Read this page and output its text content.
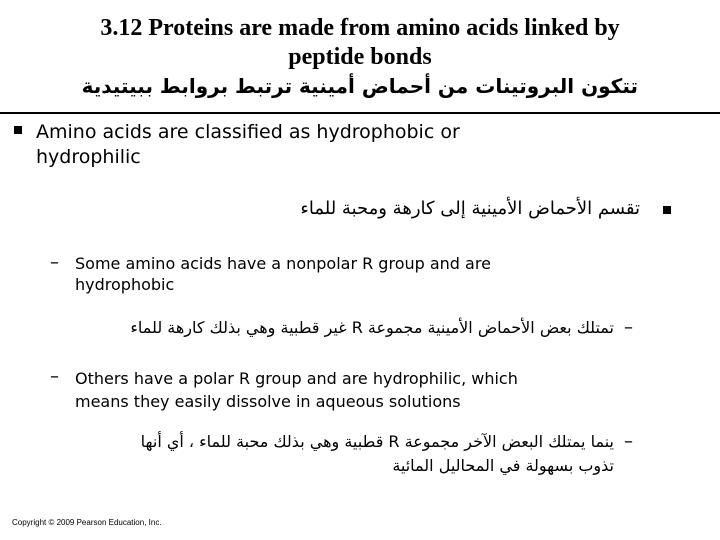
3.12 Proteins are made from amino acids linked by
peptide bonds
تتكون البروتينات من أحماض أمينية ترتبط بروابط ببيتيدية
Amino acids are classified as hydrophobic or
hydrophilic
تقسم الأحماض الأمينية إلى كارهة ومحبة للماء
– Some amino acids have a nonpolar R group and are
hydrophobic
–
تمتلك بعض الأحماض الأمينية مجموعة R غير قطبية وهي بذلك كارهة للماء
– Others have a polar R group and are hydrophilic, which
means they easily dissolve in aqueous solutions
–
ينما يمتلك البعض الآخر مجموعة R قطبية وهي بذلك محبة للماء ، أي أنها
تذوب بسهولة في المحاليل المائية
Copyright © 2009 Pearson Education, Inc.
